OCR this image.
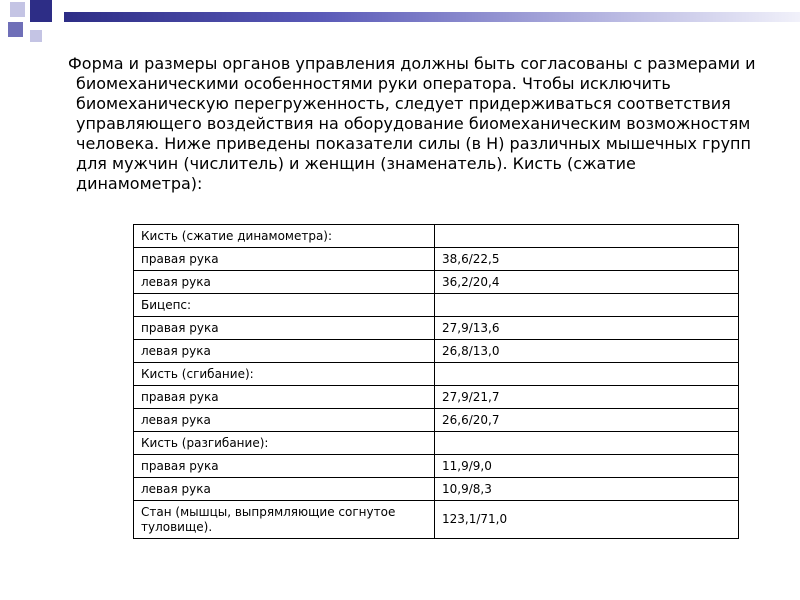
Форма и размеры органов управления должны быть согласованы с размерами и биомеханическими особенностями руки оператора. Чтобы исключить биомеханическую перегруженность, следует придерживаться соответствия управляющего воздействия на оборудование биомеханическим возможностям человека. Ниже приведены показатели силы (в Н) различных мышечных групп для мужчин (числитель) и женщин (знаменатель). Кисть (сжатие динамометра):

Кисть (сжатие динамометра):	
правая рука	38,6/22,5
левая рука	36,2/20,4
Бицепс:	
правая рука	27,9/13,6
левая рука	26,8/13,0
Кисть (сгибание):	
правая рука	27,9/21,7
левая рука	26,6/20,7
Кисть (разгибание):	
правая рука	11,9/9,0
левая рука	10,9/8,3
Стан (мышцы, выпрямляющие согнутое туловище).	123,1/71,0
